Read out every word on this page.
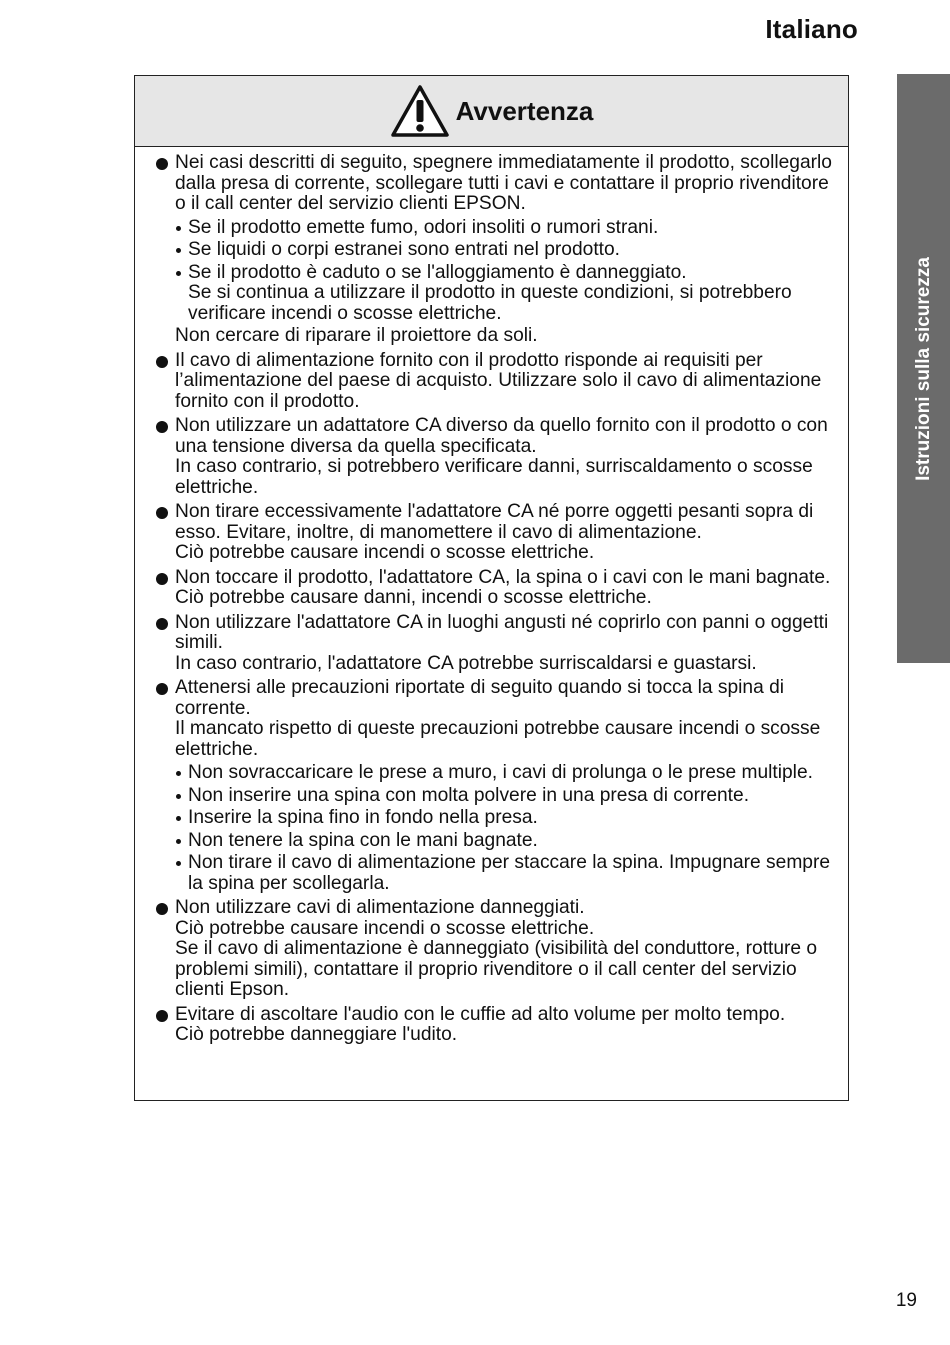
Italiano
Istruzioni sulla sicurezza
Avvertenza

Nei casi descritti di seguito, spegnere immediatamente il prodotto, scollegarlo dalla presa di corrente, scollegare tutti i cavi e contattare il proprio rivenditore o il call center del servizio clienti EPSON.

Se il prodotto emette fumo, odori insoliti o rumori strani.
Se liquidi o corpi estranei sono entrati nel prodotto.
Se il prodotto è caduto o se l'alloggiamento è danneggiato.
Se si continua a utilizzare il prodotto in queste condizioni, si potrebbero verificare incendi o scosse elettriche.

Non cercare di riparare il proiettore da soli.

Il cavo di alimentazione fornito con il prodotto risponde ai requisiti per l’alimentazione del paese di acquisto. Utilizzare solo il cavo di alimentazione fornito con il prodotto.

Non utilizzare un adattatore CA diverso da quello fornito con il prodotto o con una tensione diversa da quella specificata.

In caso contrario, si potrebbero verificare danni, surriscaldamento o scosse elettriche.

Non tirare eccessivamente l'adattatore CA né porre oggetti pesanti sopra di esso. Evitare, inoltre, di manomettere il cavo di alimentazione.

Ciò potrebbe causare incendi o scosse elettriche.

Non toccare il prodotto, l'adattatore CA, la spina o i cavi con le mani bagnate.

Ciò potrebbe causare danni, incendi o scosse elettriche.

Non utilizzare l'adattatore CA in luoghi angusti né coprirlo con panni o oggetti simili.

In caso contrario, l'adattatore CA potrebbe surriscaldarsi e guastarsi.

Attenersi alle precauzioni riportate di seguito quando si tocca la spina di corrente.

Il mancato rispetto di queste precauzioni potrebbe causare incendi o scosse elettriche.

Non sovraccaricare le prese a muro, i cavi di prolunga o le prese multiple.
Non inserire una spina con molta polvere in una presa di corrente.
Inserire la spina fino in fondo nella presa.
Non tenere la spina con le mani bagnate.
Non tirare il cavo di alimentazione per staccare la spina. Impugnare sempre la spina per scollegarla.

Non utilizzare cavi di alimentazione danneggiati.

Ciò potrebbe causare incendi o scosse elettriche.

Se il cavo di alimentazione è danneggiato (visibilità del conduttore, rotture o problemi simili), contattare il proprio rivenditore o il call center del servizio clienti Epson.

Evitare di ascoltare l'audio con le cuffie ad alto volume per molto tempo.

Ciò potrebbe danneggiare l'udito.

19
